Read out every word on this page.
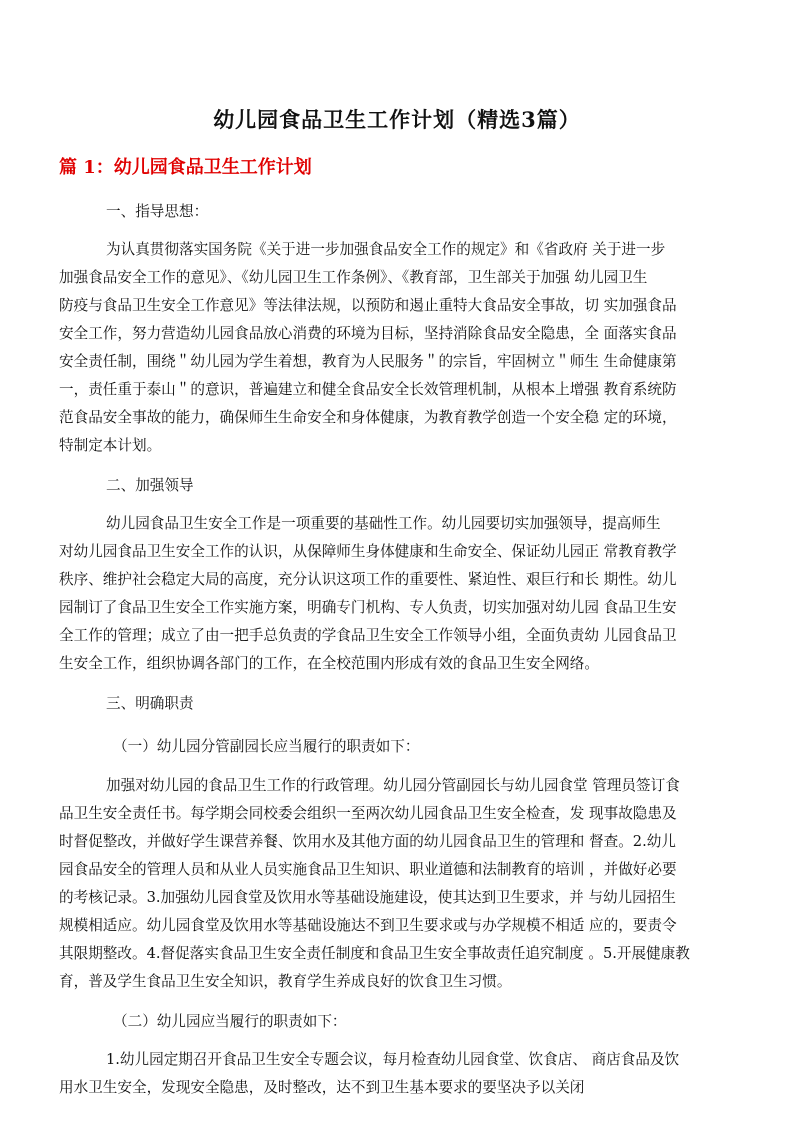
幼儿园食品卫生工作计划（精选3篇）
篇 1：幼儿园食品卫生工作计划
一、指导思想：
为认真贯彻落实国务院《关于进一步加强食品安全工作的规定》和《省政府 关于进一步
加强食品安全工作的意见》、《幼儿园卫生工作条例》、《教育部，卫生部关于加强 幼儿园卫生
防疫与食品卫生安全工作意见》等法律法规，以预防和遏止重特大食品安全事故，切 实加强食品
安全工作，努力营造幼儿园食品放心消费的环境为目标，坚持消除食品安全隐患，全 面落实食品
安全责任制，围绕＂幼儿园为学生着想，教育为人民服务＂的宗旨，牢固树立＂师生 生命健康第
一，责任重于泰山＂的意识，普遍建立和健全食品安全长效管理机制，从根本上增强 教育系统防
范食品安全事故的能力，确保师生生命安全和身体健康，为教育教学创造一个安全稳 定的环境，
特制定本计划。
二、加强领导
幼儿园食品卫生安全工作是一项重要的基础性工作。幼儿园要切实加强领导，提高师生
对幼儿园食品卫生安全工作的认识，从保障师生身体健康和生命安全、保证幼儿园正 常教育教学
秩序、维护社会稳定大局的高度，充分认识这项工作的重要性、紧迫性、艰巨行和长 期性。幼儿
园制订了食品卫生安全工作实施方案，明确专门机构、专人负责，切实加强对幼儿园 食品卫生安
全工作的管理；成立了由一把手总负责的学食品卫生安全工作领导小组，全面负责幼 儿园食品卫
生安全工作，组织协调各部门的工作，在全校范围内形成有效的食品卫生安全网络。
三、明确职责
（一）幼儿园分管副园长应当履行的职责如下：
加强对幼儿园的食品卫生工作的行政管理。幼儿园分管副园长与幼儿园食堂 管理员签订食
品卫生安全责任书。每学期会同校委会组织一至两次幼儿园食品卫生安全检查，发 现事故隐患及
时督促整改，并做好学生课营养餐、饮用水及其他方面的幼儿园食品卫生的管理和 督查。2.幼儿
园食品安全的管理人员和从业人员实施食品卫生知识、职业道德和法制教育的培训 ，并做好必要
的考核记录。3.加强幼儿园食堂及饮用水等基础设施建设，使其达到卫生要求，并 与幼儿园招生
规模相适应。幼儿园食堂及饮用水等基础设施达不到卫生要求或与办学规模不相适 应的，要责令
其限期整改。4.督促落实食品卫生安全责任制度和食品卫生安全事故责任追究制度 。5.开展健康教
育，普及学生食品卫生安全知识，教育学生养成良好的饮食卫生习惯。
（二）幼儿园应当履行的职责如下：
1.幼儿园定期召开食品卫生安全专题会议，每月检查幼儿园食堂、饮食店、 商店食品及饮
用水卫生安全，发现安全隐患，及时整改，达不到卫生基本要求的要坚决予以关闭
